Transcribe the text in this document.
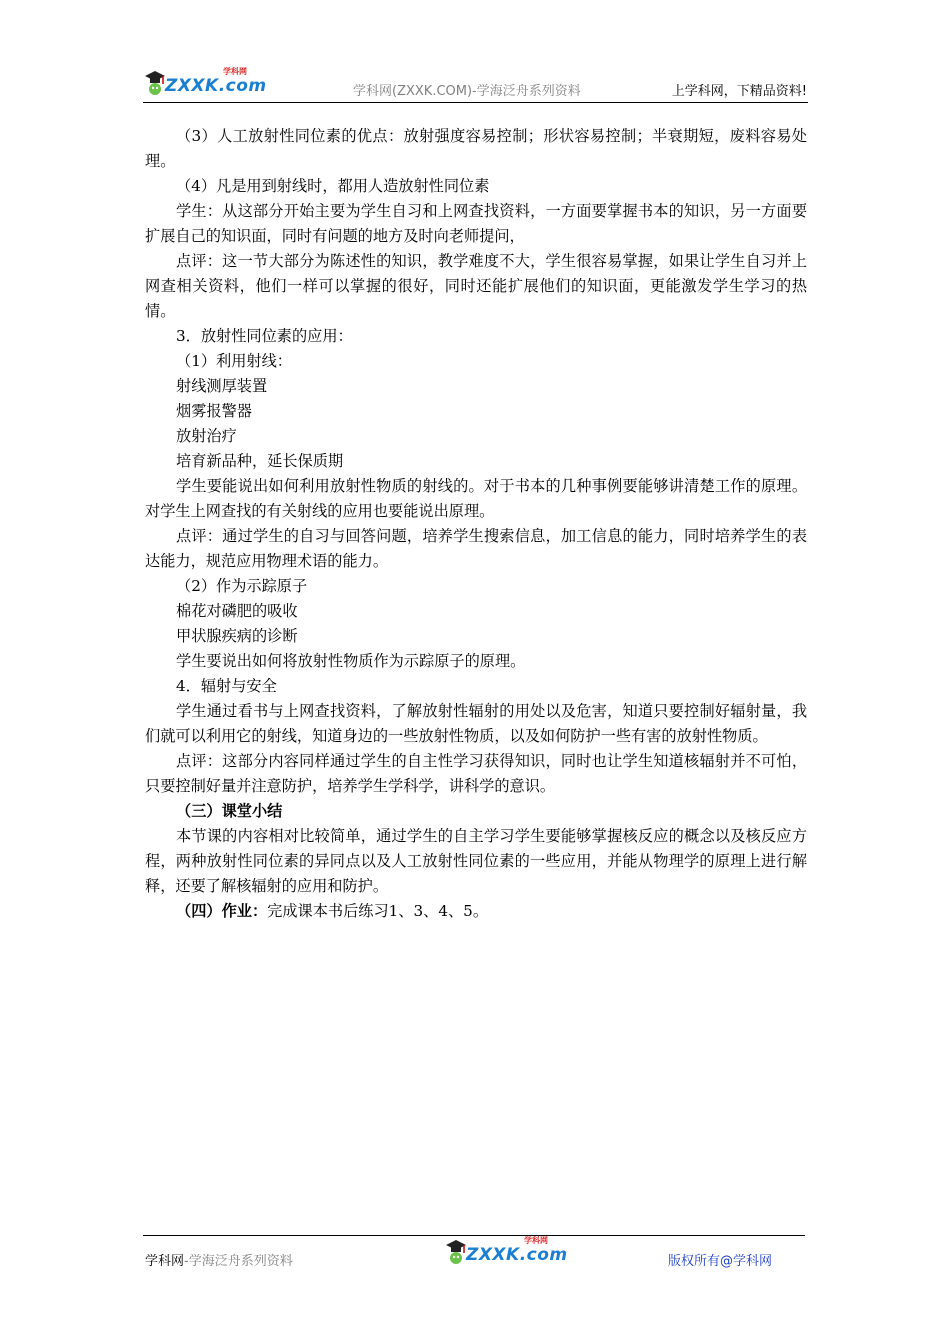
ZXXK.com
学科网
学科网(ZXXK.COM)-学海泛舟系列资料	上学科网，下精品资料!

（3）人工放射性同位素的优点：放射强度容易控制；形状容易控制；半衰期短，废料容易处理。

（4）凡是用到射线时，都用人造放射性同位素

学生：从这部分开始主要为学生自习和上网查找资料，一方面要掌握书本的知识，另一方面要扩展自己的知识面，同时有问题的地方及时向老师提问，

点评：这一节大部分为陈述性的知识，教学难度不大，学生很容易掌握，如果让学生自习并上网查相关资料，他们一样可以掌握的很好，同时还能扩展他们的知识面，更能激发学生学习的热情。

3．放射性同位素的应用：

（1）利用射线：

射线测厚装置

烟雾报警器

放射治疗

培育新品种，延长保质期

学生要能说出如何利用放射性物质的射线的。对于书本的几种事例要能够讲清楚工作的原理。对学生上网查找的有关射线的应用也要能说出原理。

点评：通过学生的自习与回答问题，培养学生搜索信息，加工信息的能力，同时培养学生的表达能力，规范应用物理术语的能力。

（2）作为示踪原子

棉花对磷肥的吸收

甲状腺疾病的诊断

学生要说出如何将放射性物质作为示踪原子的原理。

4．辐射与安全

学生通过看书与上网查找资料，了解放射性辐射的用处以及危害，知道只要控制好辐射量，我们就可以利用它的射线，知道身边的一些放射性物质，以及如何防护一些有害的放射性物质。

点评：这部分内容同样通过学生的自主性学习获得知识，同时也让学生知道核辐射并不可怕，只要控制好量并注意防护，培养学生学科学，讲科学的意识。

（三）课堂小结

本节课的内容相对比较简单，通过学生的自主学习学生要能够掌握核反应的概念以及核反应方程，两种放射性同位素的异同点以及人工放射性同位素的一些应用，并能从物理学的原理上进行解释，还要了解核辐射的应用和防护。

（四）作业：完成课本书后练习1、3、4、5。

学科网-学海泛舟系列资料	ZXXK.com
学科网
版权所有@学科网
